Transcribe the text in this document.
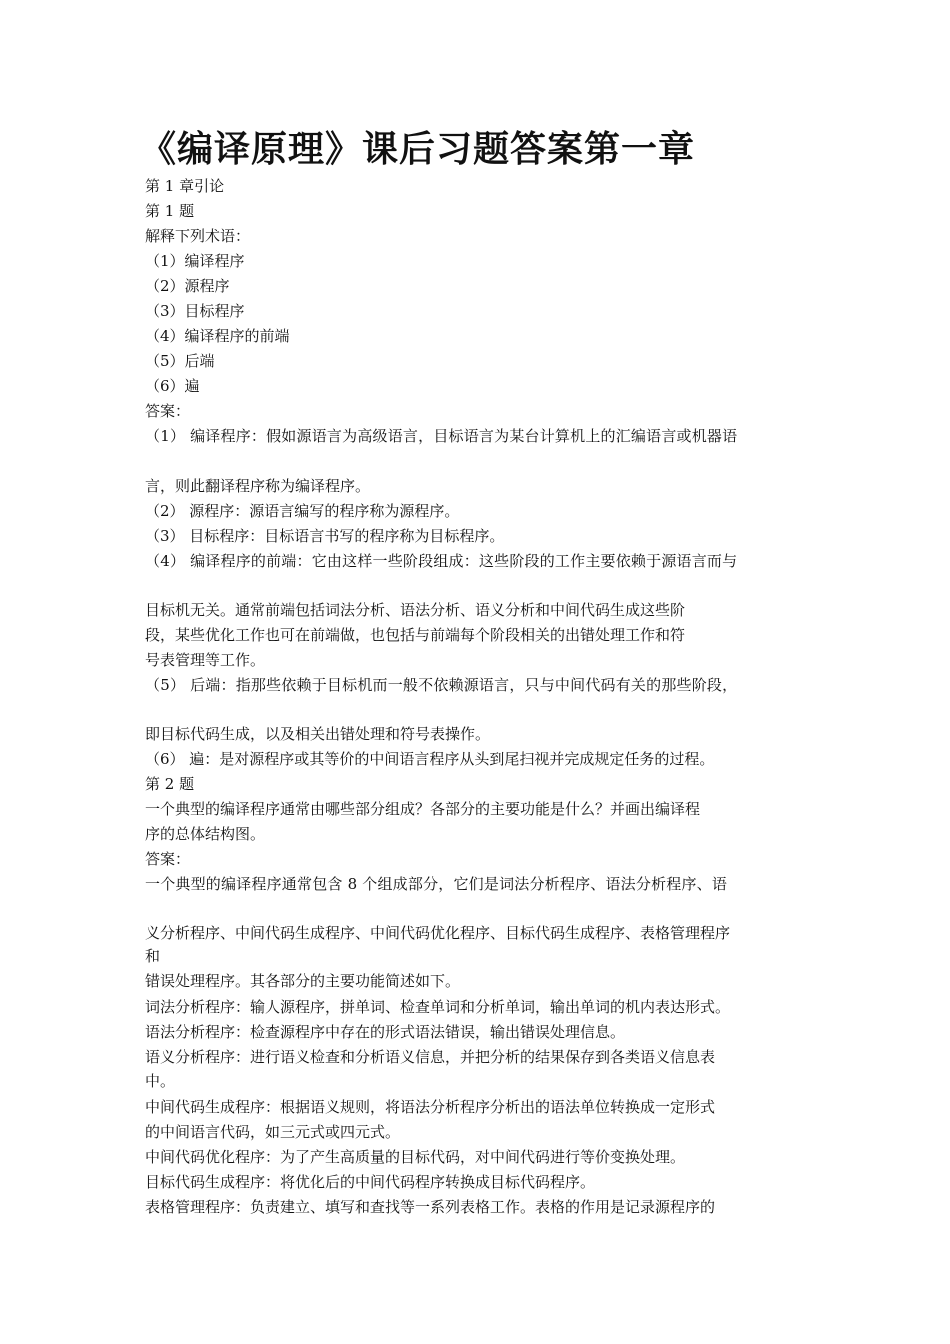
《编译原理》课后习题答案第一章
第 1 章引论
第 1 题
解释下列术语：
（1）编译程序
（2）源程序
（3）目标程序
（4）编译程序的前端
（5）后端
（6）遍
答案：
（1） 编译程序：假如源语言为高级语言，目标语言为某台计算机上的汇编语言或机器语
言，则此翻译程序称为编译程序。
（2） 源程序：源语言编写的程序称为源程序。
（3） 目标程序：目标语言书写的程序称为目标程序。
（4） 编译程序的前端：它由这样一些阶段组成：这些阶段的工作主要依赖于源语言而与
目标机无关。通常前端包括词法分析、语法分析、语义分析和中间代码生成这些阶
段，某些优化工作也可在前端做，也包括与前端每个阶段相关的出错处理工作和符
号表管理等工作。
（5） 后端：指那些依赖于目标机而一般不依赖源语言，只与中间代码有关的那些阶段，
即目标代码生成，以及相关出错处理和符号表操作。
（6） 遍：是对源程序或其等价的中间语言程序从头到尾扫视并完成规定任务的过程。
第 2 题
一个典型的编译程序通常由哪些部分组成？各部分的主要功能是什么？并画出编译程
序的总体结构图。
答案：
一个典型的编译程序通常包含 8 个组成部分，它们是词法分析程序、语法分析程序、语
义分析程序、中间代码生成程序、中间代码优化程序、目标代码生成程序、表格管理程序
和
错误处理程序。其各部分的主要功能简述如下。
词法分析程序：输人源程序，拼单词、检查单词和分析单词，输出单词的机内表达形式。
语法分析程序：检查源程序中存在的形式语法错误，输出错误处理信息。
语义分析程序：进行语义检查和分析语义信息，并把分析的结果保存到各类语义信息表
中。
中间代码生成程序：根据语义规则，将语法分析程序分析出的语法单位转换成一定形式
的中间语言代码，如三元式或四元式。
中间代码优化程序：为了产生高质量的目标代码，对中间代码进行等价变换处理。
目标代码生成程序：将优化后的中间代码程序转换成目标代码程序。
表格管理程序：负责建立、填写和查找等一系列表格工作。表格的作用是记录源程序的
